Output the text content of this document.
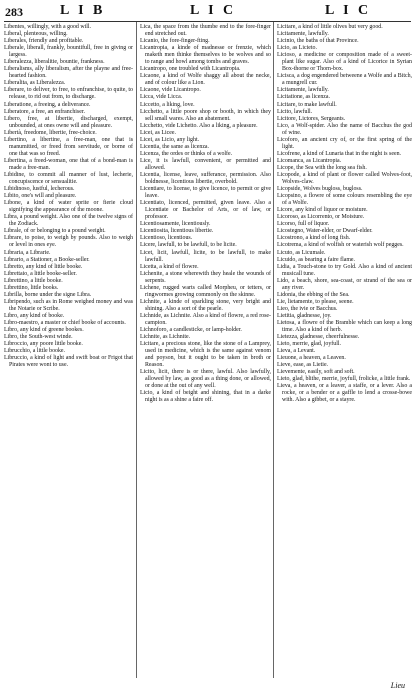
283	L I B	L I C	L I C
Libentes, willingly, with a good will.
Liberal, plenteous, willing.
Liberales, friendly and profitable.
Liberale, liberall, frankly, bountifull, free in giving or largess.
Liberalezza, liberalitie, bountie, frankness.
Liberalisms, ally liberalism, after the playne and free-hearted fashion.
Liberalita, as Liberalezza.
Liberare, to deliver, to free, to enfranchise, to quite, to release, to rid out from, to discharge.
Liberatione, a freeing, a deliverance.
Liberatore, a free, an enfranchiser.
Libero, free, at libertie, discharged, exempt, unbounded, at ones owne will and pleasure.
Libertà, freedome, libertie, free-choice.
Libertino, a libertine, a free-man, one that is manumitted, or freed from servitude, or borne of one that was so freed.
Libertina, a freed-woman, one that of a bond-man is made a free-man.
Libidine, to commit all manner of lust, lecherie, concupiscence or sensualitie.
Libidinoso, lustful, lecherous.
Libito, one's will and pleasure.
Libone, a kind of water sprite or fierie cloud signifying the appearance of the moone.
Libra, a pound weight. Also one of the twelve signs of the Zodiack.
Librale, of or belonging to a pound weight.
Librare, to poise, to weigh by pounds. Also to weigh or level in ones eye.
Libraria, a Librarie.
Librario, a Stationer, a Booke-seller.
Libretto, any kind of little booke.
Librettaio, a little booke-seller.
Librettino, a little booke.
Librettino, little books.
Librilla, borne under the signe Libra.
Libripendo, such as in Rome weighed money and was the Notarie or Scribe.
Libro, any kind of booke.
Libro-maestro, a master or chief booke of accounts.
Libro, any kind of greene bookes.
Libro, the South-west winde.
Libroccio, any poore little booke.
Librucchio, a little booke.
Libruccio, a kind of light and swift boat or Frigot that Pirates were wont to use.
Lica, the space from the thumbe end to the fore-finger end stretched out.
Licanio, the fore-finger-fting.
Licantropia, a kinde of madnesse or frenzie, which maketh men thinke themselves to be wolves and so to range and howl among tombs and graves.
Licantropo, one troubled with Licantropia.
Licaone, a kind of Wolfe shaggy all about the necke, and of colour like a Lion.
Licaone, vide Licantropo.
Licca, vide Licca.
Liccetto, a liking, love.
Licchetto, a little poore shop or booth, in which they sell small wares. Also an abatement.
Licchetto, vide Lichetto. Also a liking, a pleasure.
Licei, as Licee.
Licei, as Licio, any light.
Licentia, the same as licenza.
Licenza, the ordes or thinks of a wolfe.
Lice, it is lawfull, convenient, or permitted and allowed.
Licentia, license, leave, sufferance, permission. Also boldnesse, licentious libertie, overbold.
Licentiare, to license, to give licence, to permit or give leave.
Licentiato, licenced, permitted, given leave. Also a Licentiate or Bachelor of Arts, or of law, or professor.
Licentiosamente, licentiously.
Licentiosita, licentious libertie.
Licentioso, licentious.
Licere, lawfull, to be lawfull, to be licite.
Licet, licit, lawfull, licite, to be lawfull, to make lawfull.
Licetta, a kind of flowre.
Lichenite, a stone wherewith they heale the wounds of serpents.
Lichene, rugged warts called Morpheu, or tetters, or ringwormes growing commonly on the skinne.
Lichnite, a kinde of sparkling stone, very bright and shining. Also a sort of the pearle.
Lichnide, as Lichnite. Also a kind of flowre, a red rose-campion.
Lichnoforo, a candlesticke, or lamp-holder.
Lichnite, as Lichnite.
Licitare, a precious stone, like the stone of a Lamprey, used in medicine, which is the same against venom and poyson, but it ought to be taken in broth or Reason.
Licito, licit, there is or there, lawful. Also lawfully, allowed by law, as good as a thing done, or allowed, or done at the out of any well.
Licio, a kind of beight and shining, that in a darke night is as a shine a faire off.
Licitare, a kind of little olives but very good.
Licitamente, lawfully.
Licinio, the baths of that Province.
Licio, as Licieto.
Licioso, a medicine or composition made of a sweet-plant like sugar. Also of a kind of Licorice in Syrian Box-thorne or Thorn-box.
Licisca, a dog engendered betweene a Wolfe and a Bitch, a mungrell cur.
Licitamente, lawfully.
Licitatione, as licenza.
Licitare, to make lawfull.
Licito, lawfull.
Licitore, Lictores, Sergeants.
Lico, a Wolf-spider. Also the name of Bacchus the god of wine.
Licoforo, an ancient cry of, or the first spring of the light.
Licofrene, a kind of Lunaria that in the night is seen.
Licomanca, as Licantropia.
Licope, the Sea with the long sea fish.
Licopode, a kind of plant or flower called Wolves-foot, Wolves-claw.
Licopside, Wolves bugloss, bugloss.
Licopsino, a flowre of some colours resembling the eye of a Wolfe.
Licore, any kind of liquor or moisture.
Licoroso, as Licorrento, or Moisture.
Licorso, full of liquor.
Licostegno, Water-elder, or Dwarf-elder.
Licostrono, a kind of long fish.
Licotrema, a kind of wolfish or waterish wolf pegges.
Licuto, as Licumale.
Licuido, as bearing a faire flame.
Lidia, a Touch-stone to try Gold. Also a kind of ancient musicall tune.
Lido, a beach, shore, sea-coast, or strand of the sea or any river.
Lidonia, the ebbing of the Sea.
Lie, lietamente, to please, seene.
Lieo, the ivie or Bacchus.
Lietitia, gladnesse, joy.
Lietosa, a flowre of the Bramble which can keep a long time. Also a kind of herb.
Lietezza, gladnesse, cheerfulnesse.
Lieto, merrie, glad, joyfull.
Lieva, a Levant.
Lieuone, a heaven, a Leaven.
Lieve, ease, as Lietie.
Lievemente, easily, soft and soft.
Lieto, glad, blithe, merrie, joyfull, frolicke, a little frank.
Lieva, a heaven, or a leaver, a staffe, or a lever. Also a rocke, or a bender or a gaffle to lend a crosse-bowe with. Also a gibbet, or a stayre.
Lieu
